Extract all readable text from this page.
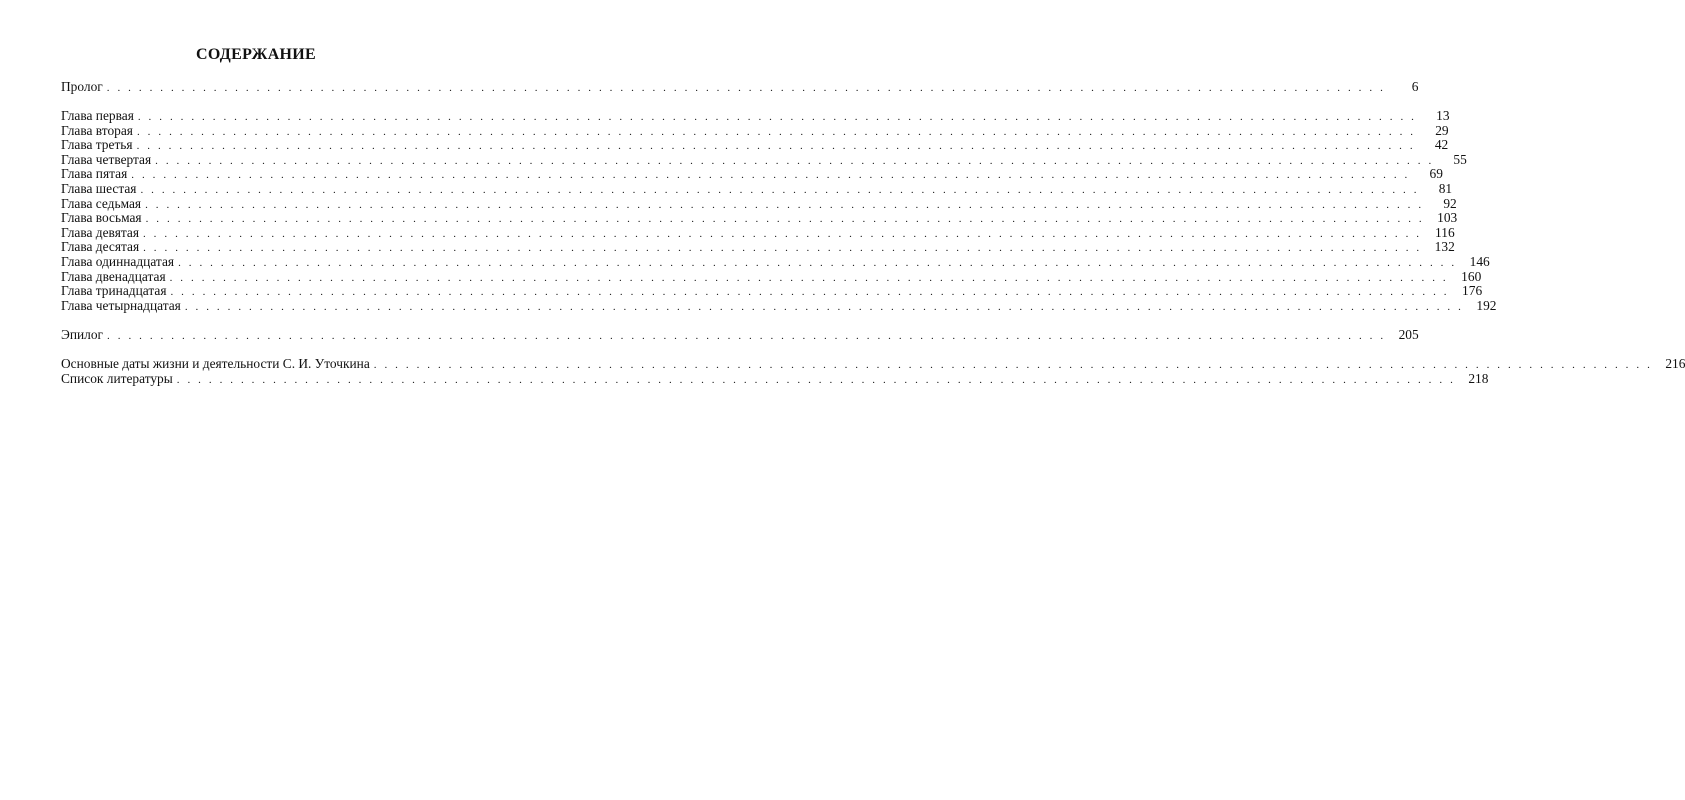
СОДЕРЖАНИЕ
Пролог . . . . . . . . . . . . . . . . . . . . . . . . . . . . . . . . . . . . . . . . . . . . . . . . . . . . . . . . . . . . . . . . . . . . . . . . . . . . . . . . . . . . . . . . . . . . . . . . . . . . . . . . . . . . . . . . . . . . . . . .	6
Глава первая . . . . . . . . . . . . . . . . . . . . . . . . . . . . . . . . . . . . . . . . . . . . . . . . . . . . . . . . . . . . . . . . . . . . . . . . . . . . . . . . . . . . . . . . . . . . . . . . . . . . . . . . . . . . . . . . . . . . . . . .	13
Глава вторая . . . . . . . . . . . . . . . . . . . . . . . . . . . . . . . . . . . . . . . . . . . . . . . . . . . . . . . . . . . . . . . . . . . . . . . . . . . . . . . . . . . . . . . . . . . . . . . . . . . . . . . . . . . . . . . . . . . . . . . .	29
Глава третья . . . . . . . . . . . . . . . . . . . . . . . . . . . . . . . . . . . . . . . . . . . . . . . . . . . . . . . . . . . . . . . . . . . . . . . . . . . . . . . . . . . . . . . . . . . . . . . . . . . . . . . . . . . . . . . . . . . . . . . .	42
Глава четвертая . . . . . . . . . . . . . . . . . . . . . . . . . . . . . . . . . . . . . . . . . . . . . . . . . . . . . . . . . . . . . . . . . . . . . . . . . . . . . . . . . . . . . . . . . . . . . . . . . . . . . . . . . . . . . . . . . . . . . . . .	55
Глава пятая . . . . . . . . . . . . . . . . . . . . . . . . . . . . . . . . . . . . . . . . . . . . . . . . . . . . . . . . . . . . . . . . . . . . . . . . . . . . . . . . . . . . . . . . . . . . . . . . . . . . . . . . . . . . . . . . . . . . . . . .	69
Глава шестая . . . . . . . . . . . . . . . . . . . . . . . . . . . . . . . . . . . . . . . . . . . . . . . . . . . . . . . . . . . . . . . . . . . . . . . . . . . . . . . . . . . . . . . . . . . . . . . . . . . . . . . . . . . . . . . . . . . . . . . .	81
Глава седьмая . . . . . . . . . . . . . . . . . . . . . . . . . . . . . . . . . . . . . . . . . . . . . . . . . . . . . . . . . . . . . . . . . . . . . . . . . . . . . . . . . . . . . . . . . . . . . . . . . . . . . . . . . . . . . . . . . . . . . . . .	92
Глава восьмая . . . . . . . . . . . . . . . . . . . . . . . . . . . . . . . . . . . . . . . . . . . . . . . . . . . . . . . . . . . . . . . . . . . . . . . . . . . . . . . . . . . . . . . . . . . . . . . . . . . . . . . . . . . . . . . . . . . . . . . . 103
Глава девятая . . . . . . . . . . . . . . . . . . . . . . . . . . . . . . . . . . . . . . . . . . . . . . . . . . . . . . . . . . . . . . . . . . . . . . . . . . . . . . . . . . . . . . . . . . . . . . . . . . . . . . . . . . . . . . . . . . . . . . . .	116
Глава десятая . . . . . . . . . . . . . . . . . . . . . . . . . . . . . . . . . . . . . . . . . . . . . . . . . . . . . . . . . . . . . . . . . . . . . . . . . . . . . . . . . . . . . . . . . . . . . . . . . . . . . . . . . . . . . . . . . . . . . . . . 132
Глава одиннадцатая . . . . . . . . . . . . . . . . . . . . . . . . . . . . . . . . . . . . . . . . . . . . . . . . . . . . . . . . . . . . . . . . . . . . . . . . . . . . . . . . . . . . . . . . . . . . . . . . . . . . . . . . . . . . . . . . . . . . . . . . 146
Глава двенадцатая . . . . . . . . . . . . . . . . . . . . . . . . . . . . . . . . . . . . . . . . . . . . . . . . . . . . . . . . . . . . . . . . . . . . . . . . . . . . . . . . . . . . . . . . . . . . . . . . . . . . . . . . . . . . . . . . . . . . . . . . 160
Глава тринадцатая . . . . . . . . . . . . . . . . . . . . . . . . . . . . . . . . . . . . . . . . . . . . . . . . . . . . . . . . . . . . . . . . . . . . . . . . . . . . . . . . . . . . . . . . . . . . . . . . . . . . . . . . . . . . . . . . . . . . . . . . 176
Глава четырнадцатая . . . . . . . . . . . . . . . . . . . . . . . . . . . . . . . . . . . . . . . . . . . . . . . . . . . . . . . . . . . . . . . . . . . . . . . . . . . . . . . . . . . . . . . . . . . . . . . . . . . . . . . . . . . . . . . . . . . . . . . . 192
Эпилог . . . . . . . . . . . . . . . . . . . . . . . . . . . . . . . . . . . . . . . . . . . . . . . . . . . . . . . . . . . . . . . . . . . . . . . . . . . . . . . . . . . . . . . . . . . . . . . . . . . . . . . . . . . . . . . . . . . . . . . . 205
Основные даты жизни и деятельности С. И. Уточкина . . . . . . . . . . . . . . . . . . . . . . . . . . . . . . . . . . . . . . . . . . . . . . . . . . . . . . . . . . . . . . . . . . . . . . . . . . . . . . . . . . . . . . . . . . . . . . . . . . . . . . . . . . . . . . . . . . . . . . . . 216
Список литературы . . . . . . . . . . . . . . . . . . . . . . . . . . . . . . . . . . . . . . . . . . . . . . . . . . . . . . . . . . . . . . . . . . . . . . . . . . . . . . . . . . . . . . . . . . . . . . . . . . . . . . . . . . . . . . . . . . . . . . . . 218
